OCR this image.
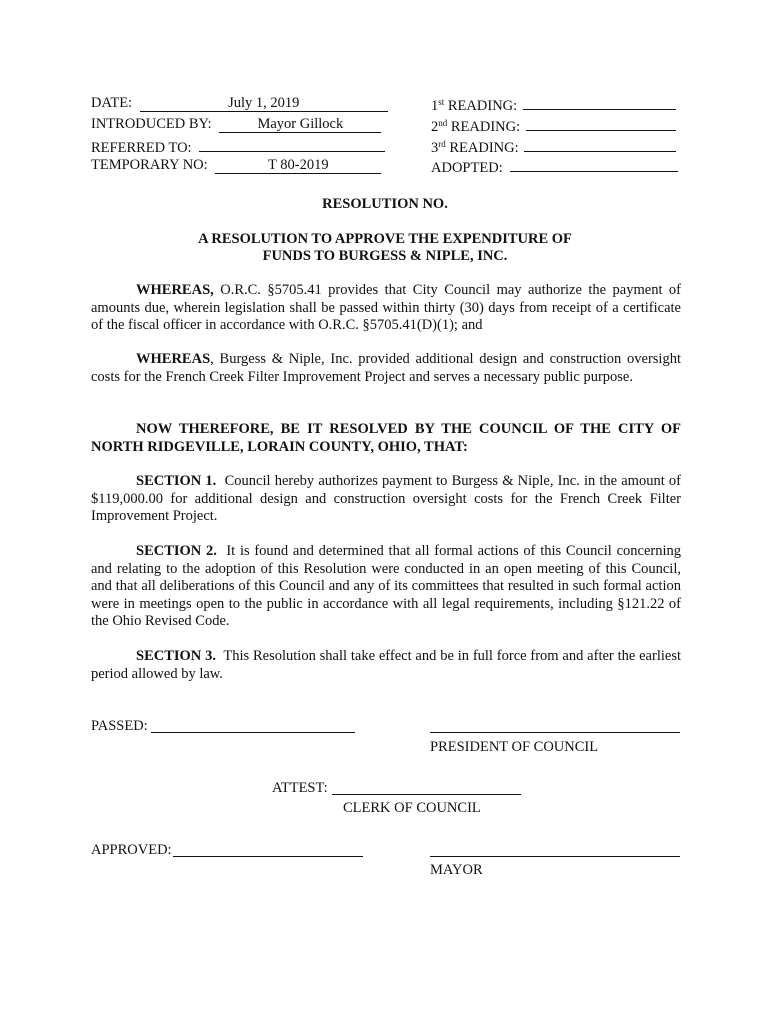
DATE:	July 1, 2019
INTRODUCED BY:	Mayor Gillock
REFERRED TO:
TEMPORARY NO:	T 80-2019
1st READING:
2nd READING:
3rd READING:
ADOPTED:
RESOLUTION NO.
A RESOLUTION TO APPROVE THE EXPENDITURE OF
FUNDS TO BURGESS & NIPLE, INC.
WHEREAS, O.R.C. §5705.41 provides that City Council may authorize the payment of amounts due, wherein legislation shall be passed within thirty (30) days from receipt of a certificate of the fiscal officer in accordance with O.R.C. §5705.41(D)(1); and
WHEREAS, Burgess & Niple, Inc. provided additional design and construction oversight costs for the French Creek Filter Improvement Project and serves a necessary public purpose.
NOW THEREFORE, BE IT RESOLVED BY THE COUNCIL OF THE CITY OF NORTH RIDGEVILLE, LORAIN COUNTY, OHIO, THAT:
SECTION 1.  Council hereby authorizes payment to Burgess & Niple, Inc. in the amount of $119,000.00 for additional design and construction oversight costs for the French Creek Filter Improvement Project.
SECTION 2.  It is found and determined that all formal actions of this Council concerning and relating to the adoption of this Resolution were conducted in an open meeting of this Council, and that all deliberations of this Council and any of its committees that resulted in such formal action were in meetings open to the public in accordance with all legal requirements, including §121.22 of the Ohio Revised Code.
SECTION 3.  This Resolution shall take effect and be in full force from and after the earliest period allowed by law.
PASSED:
PRESIDENT OF COUNCIL
ATTEST:
CLERK OF COUNCIL
APPROVED:
MAYOR
